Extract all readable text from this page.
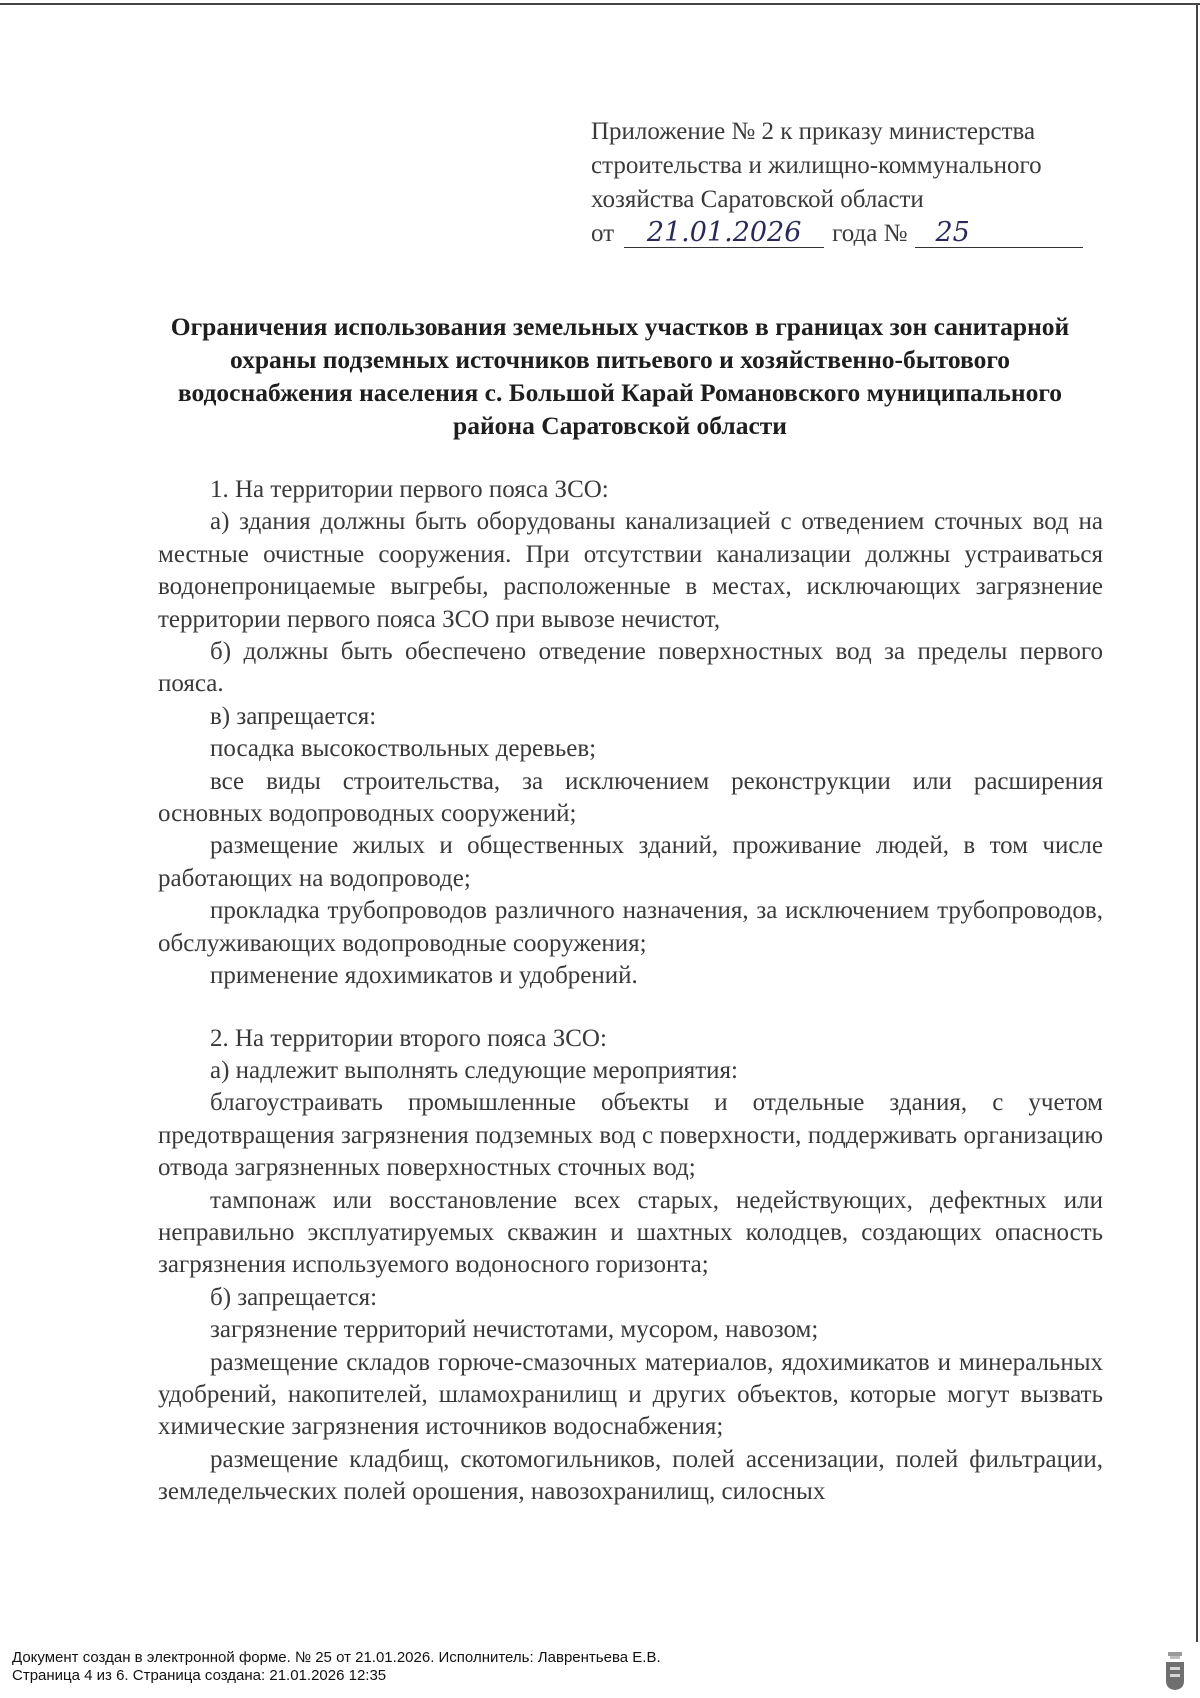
Приложение № 2 к приказу министерства
строительства и жилищно-коммунального
хозяйства Саратовской области
от 21.01.2026 года № 25
Ограничения использования земельных участков в границах зон санитарной охраны подземных источников питьевого и хозяйственно-бытового водоснабжения населения с. Большой Карай Романовского муниципального района Саратовской области

1. На территории первого пояса ЗСО:

а) здания должны быть оборудованы канализацией с отведением сточных вод на местные очистные сооружения. При отсутствии канализации должны устраиваться водонепроницаемые выгребы, расположенные в местах, исключающих загрязнение территории первого пояса ЗСО при вывозе нечистот,

б) должны быть обеспечено отведение поверхностных вод за пределы первого пояса.

в) запрещается:

посадка высокоствольных деревьев;

все виды строительства, за исключением реконструкции или расширения основных водопроводных сооружений;

размещение жилых и общественных зданий, проживание людей, в том числе работающих на водопроводе;

прокладка трубопроводов различного назначения, за исключением трубопроводов, обслуживающих водопроводные сооружения;

применение ядохимикатов и удобрений.

2. На территории второго пояса ЗСО:

а) надлежит выполнять следующие мероприятия:

благоустраивать промышленные объекты и отдельные здания, с учетом предотвращения загрязнения подземных вод с поверхности, поддерживать организацию отвода загрязненных поверхностных сточных вод;

тампонаж или восстановление всех старых, недействующих, дефектных или неправильно эксплуатируемых скважин и шахтных колодцев, создающих опасность загрязнения используемого водоносного горизонта;

б) запрещается:

загрязнение территорий нечистотами, мусором, навозом;

размещение складов горюче-смазочных материалов, ядохимикатов и минеральных удобрений, накопителей, шламохранилищ и других объектов, которые могут вызвать химические загрязнения источников водоснабжения;

размещение кладбищ, скотомогильников, полей ассенизации, полей фильтрации, земледельческих полей орошения, навозохранилищ, силосных

Документ создан в электронной форме. № 25 от 21.01.2026. Исполнитель: Лаврентьева Е.В.
Страница 4 из 6. Страница создана: 21.01.2026 12:35
